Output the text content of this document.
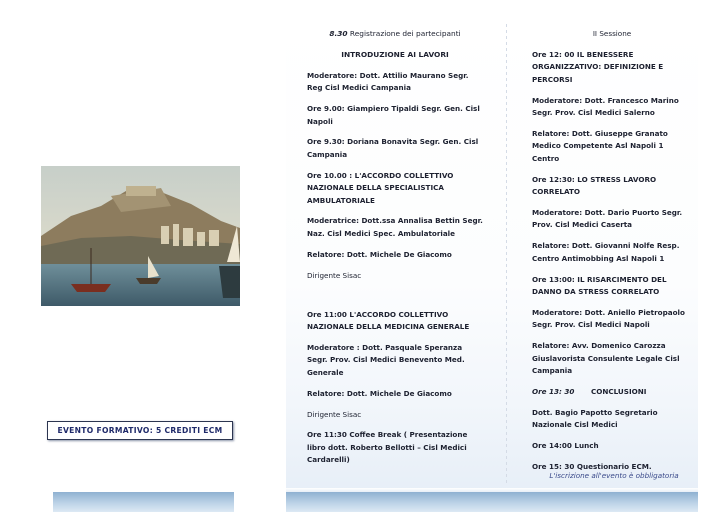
EVENTO FORMATIVO: 5 CREDITI ECM
8.30 Registrazione dei partecipanti
INTRODUZIONE AI LAVORI
Moderatore: Dott. Attilio Maurano Segr. Reg Cisl Medici Campania
Ore 9.00: Giampiero Tipaldi Segr. Gen. Cisl Napoli
Ore 9.30: Doriana Bonavita Segr. Gen. Cisl Campania
Ore 10.00 : L'ACCORDO COLLETTIVO NAZIONALE DELLA SPECIALISTICA AMBULATORIALE
Moderatrice: Dott.ssa Annalisa Bettin Segr. Naz. Cisl Medici Spec. Ambulatoriale
Relatore: Dott. Michele De Giacomo
Dirigente Sisac
Ore 11:00 L'ACCORDO COLLETTIVO NAZIONALE DELLA MEDICINA GENERALE
Moderatore : Dott. Pasquale Speranza Segr. Prov. Cisl Medici Benevento Med. Generale
Relatore: Dott. Michele De Giacomo
Dirigente Sisac
Ore 11:30 Coffee Break ( Presentazione libro dott. Roberto Bellotti – Cisl Medici Cardarelli)
II Sessione
Ore 12: 00 IL BENESSERE ORGANIZZATIVO: DEFINIZIONE E PERCORSI
Moderatore: Dott. Francesco Marino Segr. Prov. Cisl Medici Salerno
Relatore: Dott. Giuseppe Granato Medico Competente Asl Napoli 1 Centro
Ore 12:30: LO STRESS LAVORO CORRELATO
Moderatore: Dott. Dario Puorto Segr. Prov. Cisl Medici Caserta
Relatore: Dott. Giovanni Nolfe Resp. Centro Antimobbing Asl Napoli 1
Ore 13:00: IL RISARCIMENTO DEL DANNO DA STRESS CORRELATO
Moderatore: Dott. Aniello Pietropaolo Segr. Prov. Cisl Medici Napoli
Relatore: Avv. Domenico Carozza Giuslavorista Consulente Legale Cisl Campania
Ore 13: 30 CONCLUSIONI
Dott. Bagio Papotto Segretario Nazionale Cisl Medici
Ore 14:00 Lunch
Ore 15: 30 Questionario ECM.
L'iscrizione all'evento è obbligatoria
